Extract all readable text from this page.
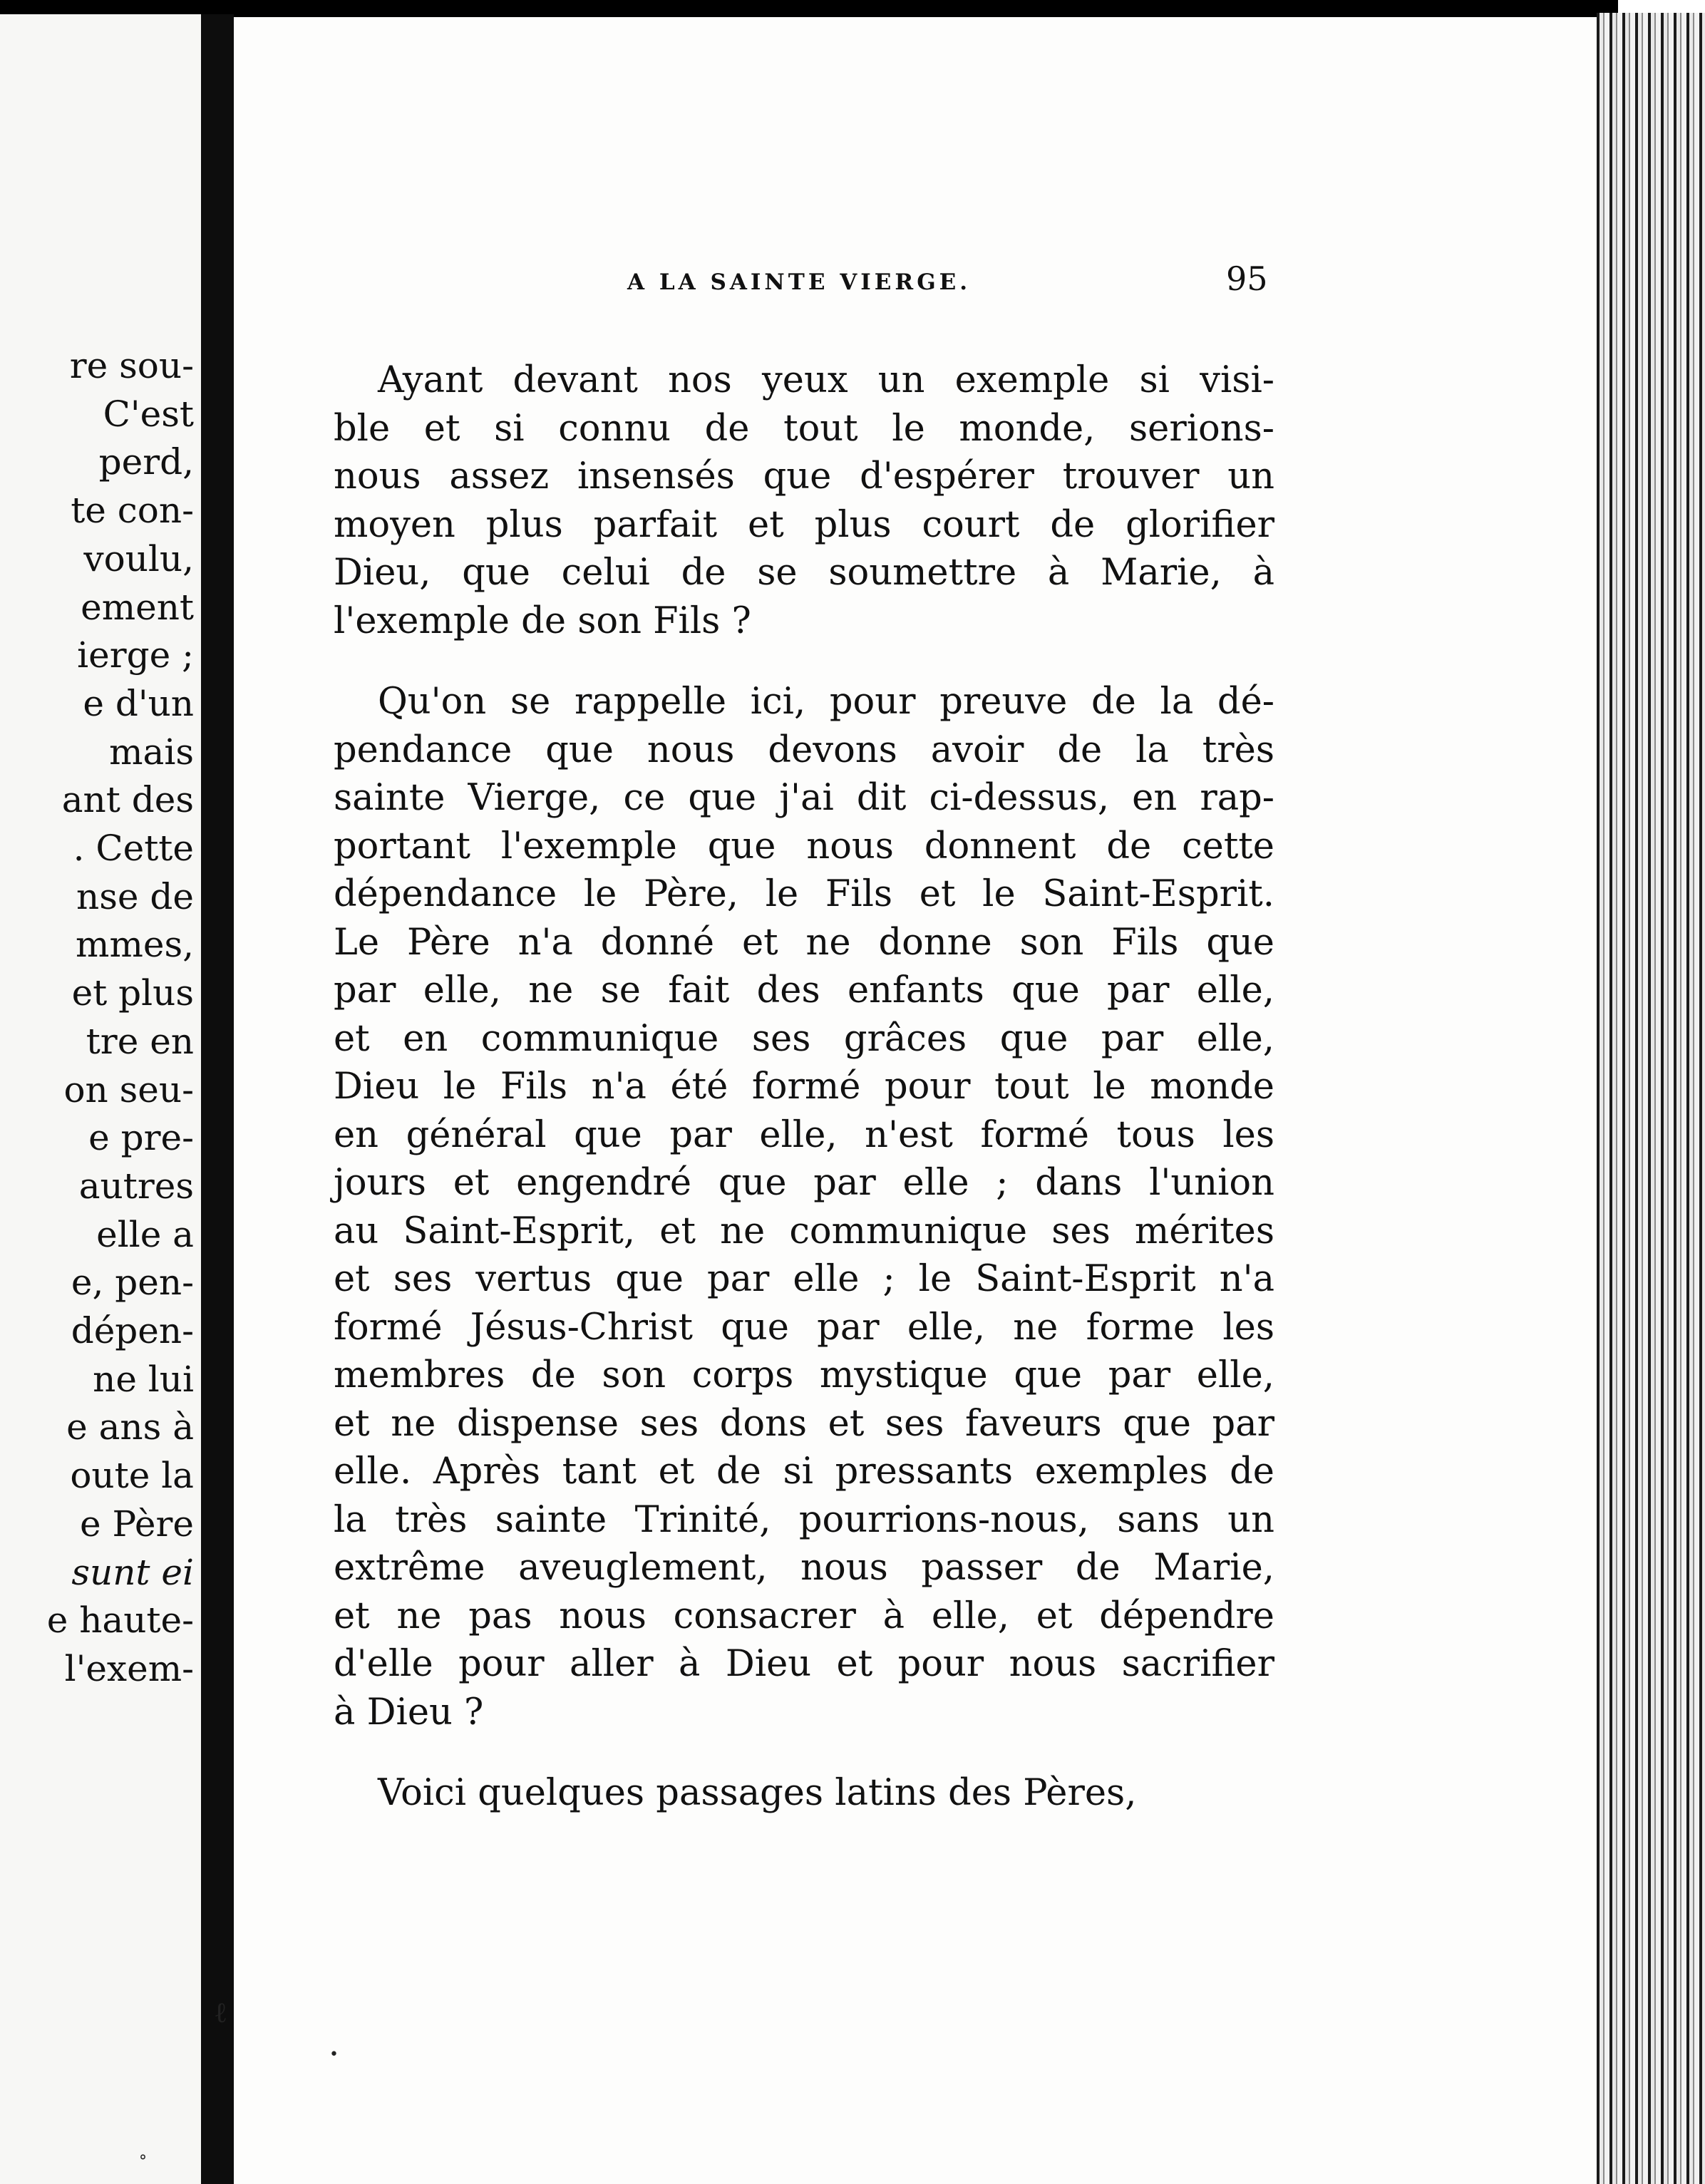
re sou-
C'est
perd,
te con-
voulu,
ement
ierge ;
e d'un
mais
ant des
. Cette
nse de
mmes,
et plus
tre en
on seu-
e pre-
autres
elle a
e, pen-
dépen-
ne lui
e ans à
oute la
e Père
sunt ei
e haute-
l'exem-
A LA SAINTE VIERGE.	95
Ayant devant nos yeux un exemple si visi-
ble et si connu de tout le monde, serions-
nous assez insensés que d'espérer trouver un
moyen plus parfait et plus court de glorifier
Dieu, que celui de se soumettre à Marie, à
l'exemple de son Fils ?
Qu'on se rappelle ici, pour preuve de la dé-
pendance que nous devons avoir de la très
sainte Vierge, ce que j'ai dit ci-dessus, en rap-
portant l'exemple que nous donnent de cette
dépendance le Père, le Fils et le Saint-Esprit.
Le Père n'a donné et ne donne son Fils que
par elle, ne se fait des enfants que par elle,
et en communique ses grâces que par elle,
Dieu le Fils n'a été formé pour tout le monde
en général que par elle, n'est formé tous les
jours et engendré que par elle ; dans l'union
au Saint-Esprit, et ne communique ses mérites
et ses vertus que par elle ; le Saint-Esprit n'a
formé Jésus-Christ que par elle, ne forme les
membres de son corps mystique que par elle,
et ne dispense ses dons et ses faveurs que par
elle. Après tant et de si pressants exemples de
la très sainte Trinité, pourrions-nous, sans un
extrême aveuglement, nous passer de Marie,
et ne pas nous consacrer à elle, et dépendre
d'elle pour aller à Dieu et pour nous sacrifier
à Dieu ?
Voici quelques passages latins des Pères,
ℓ
•
°
